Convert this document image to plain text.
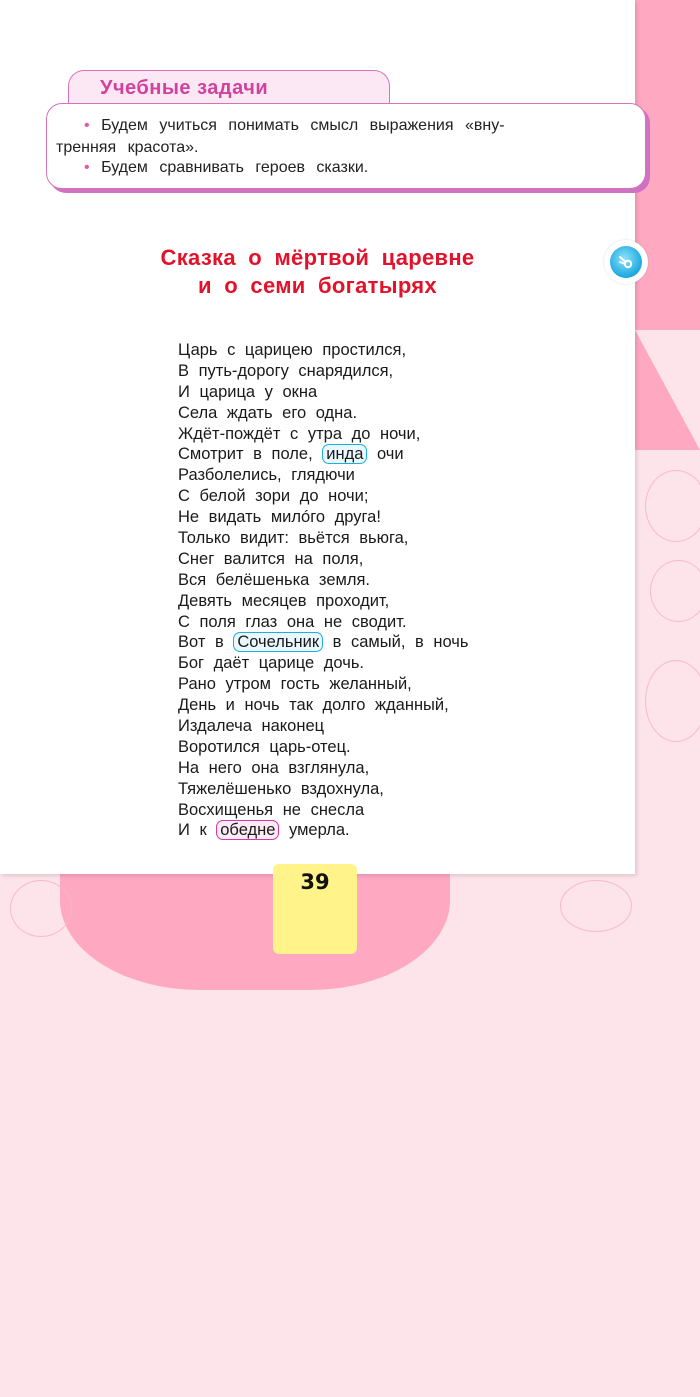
Учебные задачи
• Будем учиться понимать смысл выражения «вну-
тренняя красота».
• Будем сравнивать героев сказки.
Сказка о мёртвой царевне
и о семи богатырях
Царь с царицею простился,
В путь-дорогу снарядился,
И царица у окна
Села ждать его одна.
Ждёт-пождёт с утра до ночи,
Смотрит в поле, инда очи
Разболелись, глядючи
С белой зори до ночи;
Не видать милóго друга!
Только видит: вьётся вьюга,
Снег валится на поля,
Вся белёшенька земля.
Девять месяцев проходит,
С поля глаз она не сводит.
Вот в Сочельник в самый, в ночь
Бог даёт царице дочь.
Рано утром гость желанный,
День и ночь так долго жданный,
Издалеча наконец
Воротился царь-отец.
На него она взглянула,
Тяжелёшенько вздохнула,
Восхищенья не снесла
И к обедне умерла.
39
